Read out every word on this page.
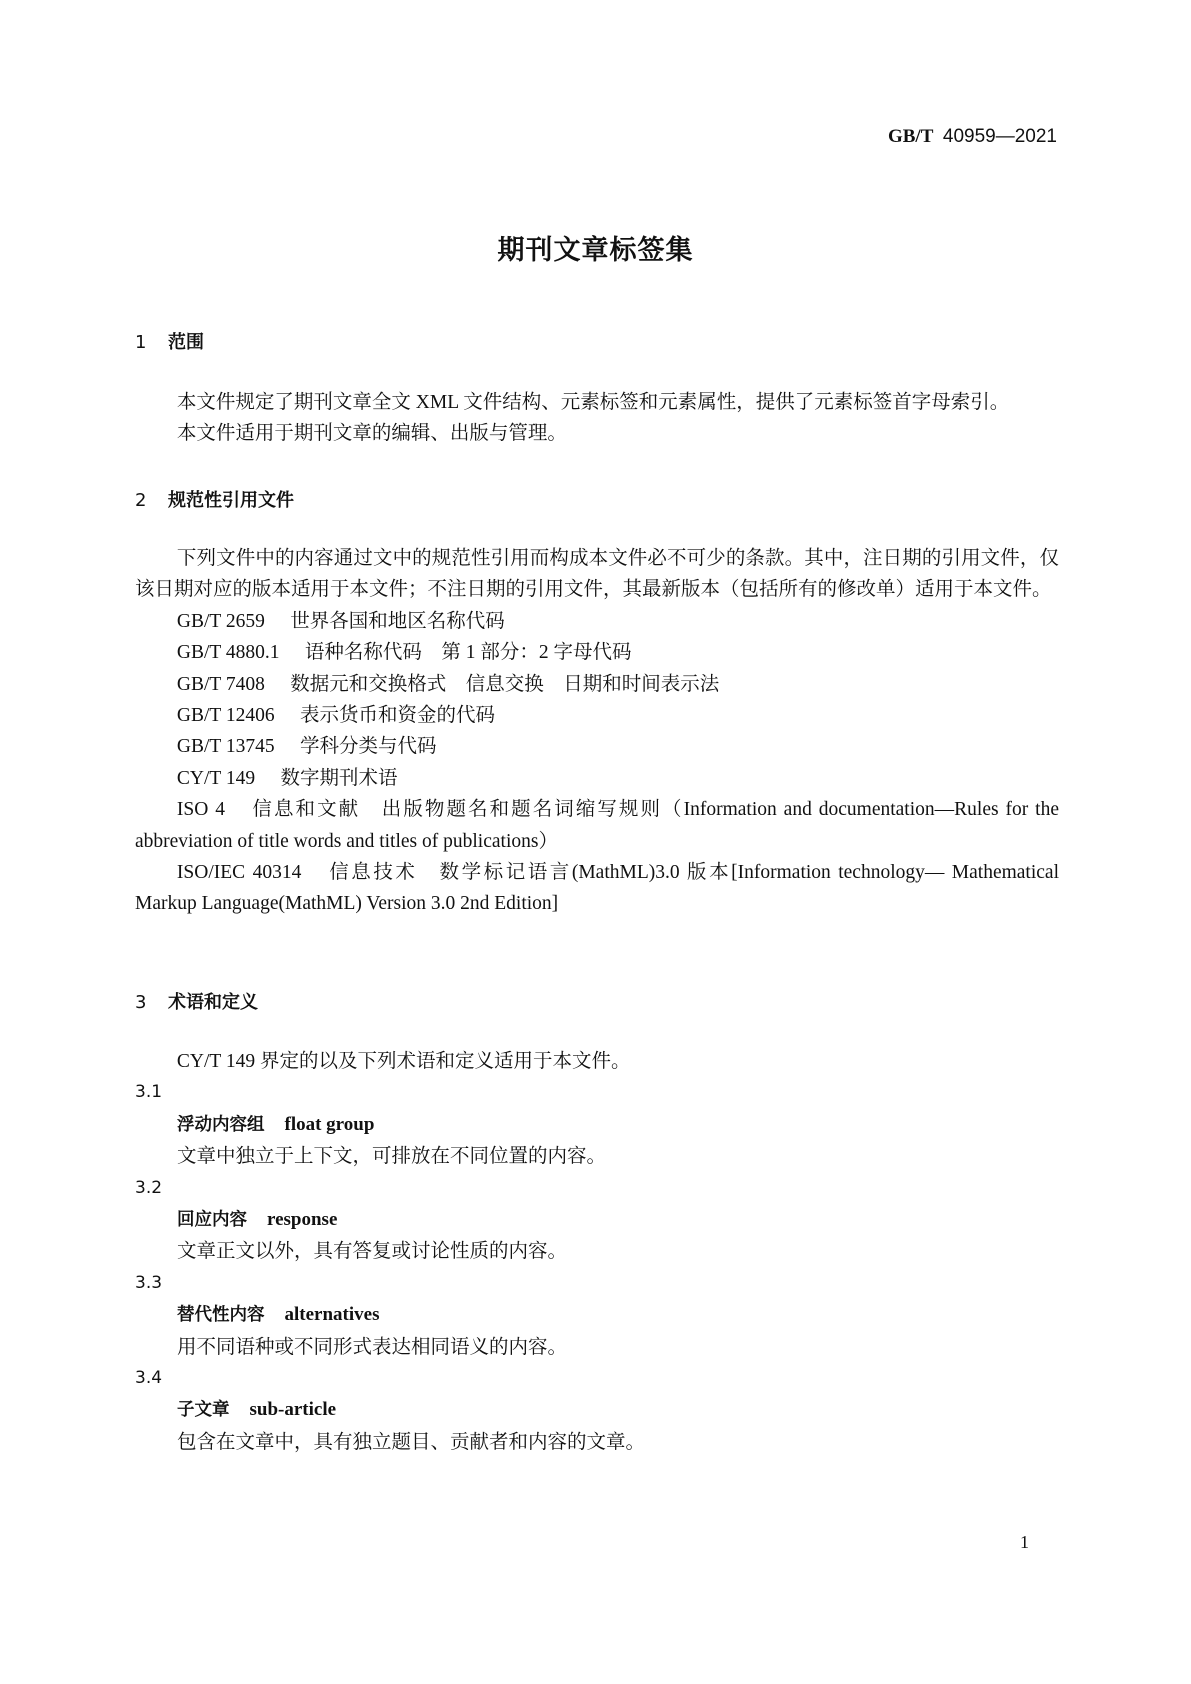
GB/T 40959—2021
期刊文章标签集
1 范围

本文件规定了期刊文章全文 XML 文件结构、元素标签和元素属性，提供了元素标签首字母索引。

本文件适用于期刊文章的编辑、出版与管理。

2 规范性引用文件

下列文件中的内容通过文中的规范性引用而构成本文件必不可少的条款。其中，注日期的引用文件，仅该日期对应的版本适用于本文件；不注日期的引用文件，其最新版本（包括所有的修改单）适用于本文件。

GB/T 2659 世界各国和地区名称代码

GB/T 4880.1 语种名称代码　第 1 部分：2 字母代码

GB/T 7408 数据元和交换格式　信息交换　日期和时间表示法

GB/T 12406 表示货币和资金的代码

GB/T 13745 学科分类与代码

CY/T 149 数字期刊术语

ISO 4 信息和文献　出版物题名和题名词缩写规则（Information and documentation—Rules for the abbreviation of title words and titles of publications）

ISO/IEC 40314 信息技术　数学标记语言(MathML)3.0 版本[Information technology— Mathematical Markup Language(MathML) Version 3.0 2nd Edition]

3 术语和定义

CY/T 149 界定的以及下列术语和定义适用于本文件。

3.1
浮动内容组 float group
文章中独立于上下文，可排放在不同位置的内容。
3.2
回应内容 response
文章正文以外，具有答复或讨论性质的内容。
3.3
替代性内容 alternatives
用不同语种或不同形式表达相同语义的内容。
3.4
子文章 sub-article
包含在文章中，具有独立题目、贡献者和内容的文章。
1
